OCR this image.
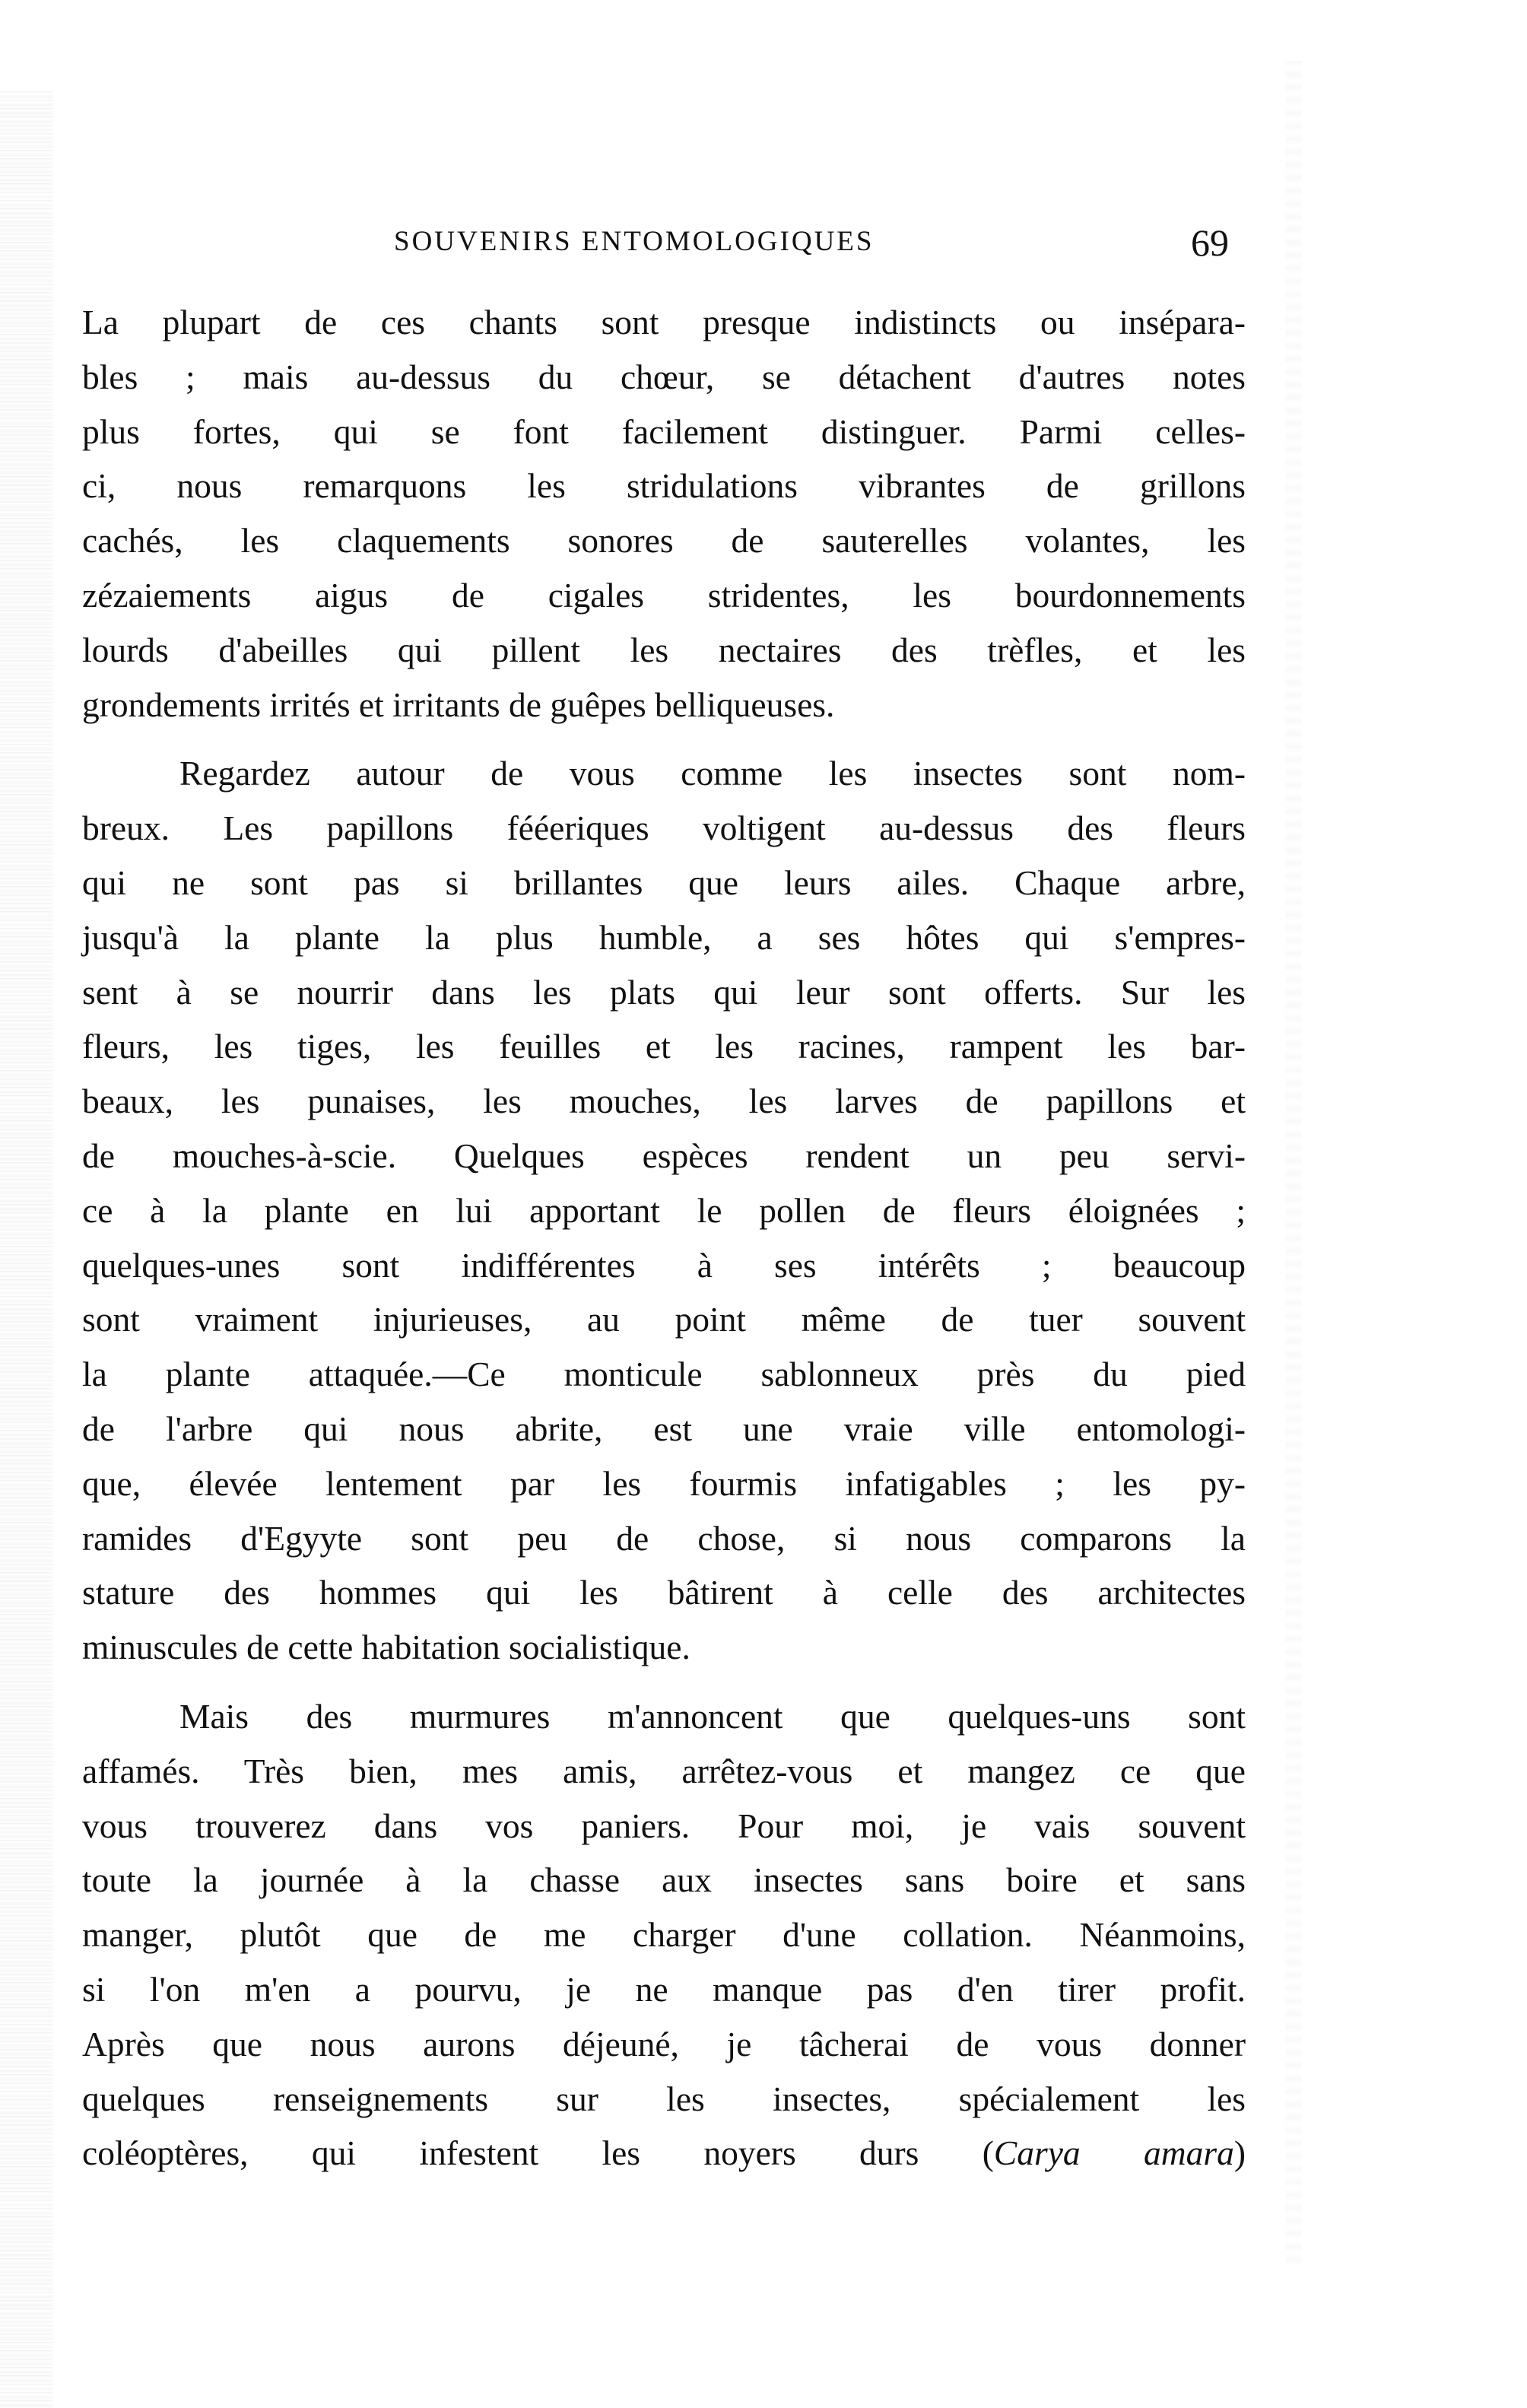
SOUVENIRS ENTOMOLOGIQUES	69

La plupart de ces chants sont presque indistincts ou inséparа-
bles ; mais au-dessus du chœur, se détachent d'autres notes
plus fortes, qui se font facilement distinguer. Parmi celles-
ci, nous remarquons les stridulations vibrantes de grillons
cachés, les claquements sonores de sauterelles volantes, les
zézaiements aigus de cigales stridentes, les bourdonnements
lourds d'abeilles qui pillent les nectaires des trèfles, et les
grondements irrités et irritants de guêpes belliqueuses.

Regardez autour de vous comme les insectes sont nom-
breux. Les papillons fééeriques voltigent au-dessus des fleurs
qui ne sont pas si brillantes que leurs ailes. Chaque arbre,
jusqu'à la plante la plus humble, a ses hôtes qui s'empres-
sent à se nourrir dans les plats qui leur sont offerts. Sur les
fleurs, les tiges, les feuilles et les racines, rampent les bar-
beaux, les punaises, les mouches, les larves de papillons et
de mouches-à-scie. Quelques espèces rendent un peu servi-
ce à la plante en lui apportant le pollen de fleurs éloignées ;
quelques-unes sont indifférentes à ses intérêts ; beaucoup
sont vraiment injurieuses, au point même de tuer souvent
la plante attaquée.—Ce monticule sablonneux près du pied
de l'arbre qui nous abrite, est une vraie ville entomologi-
que, élevée lentement par les fourmis infatigables ; les py-
ramides d'Egyyte sont peu de chose, si nous comparons la
stature des hommes qui les bâtirent à celle des architectes
minuscules de cette habitation socialistique.

Mais des murmures m'annoncent que quelques-uns sont
affamés. Très bien, mes amis, arrêtez-vous et mangez ce que
vous trouverez dans vos paniers. Pour moi, je vais souvent
toute la journée à la chasse aux insectes sans boire et sans
manger, plutôt que de me charger d'une collation. Néanmoins,
si l'on m'en a pourvu, je ne manque pas d'en tirer profit.
Après que nous aurons déjeuné, je tâcherai de vous donner
quelques renseignements sur les insectes, spécialement les
coléoptères, qui infestent les noyers durs (Carya amara)
